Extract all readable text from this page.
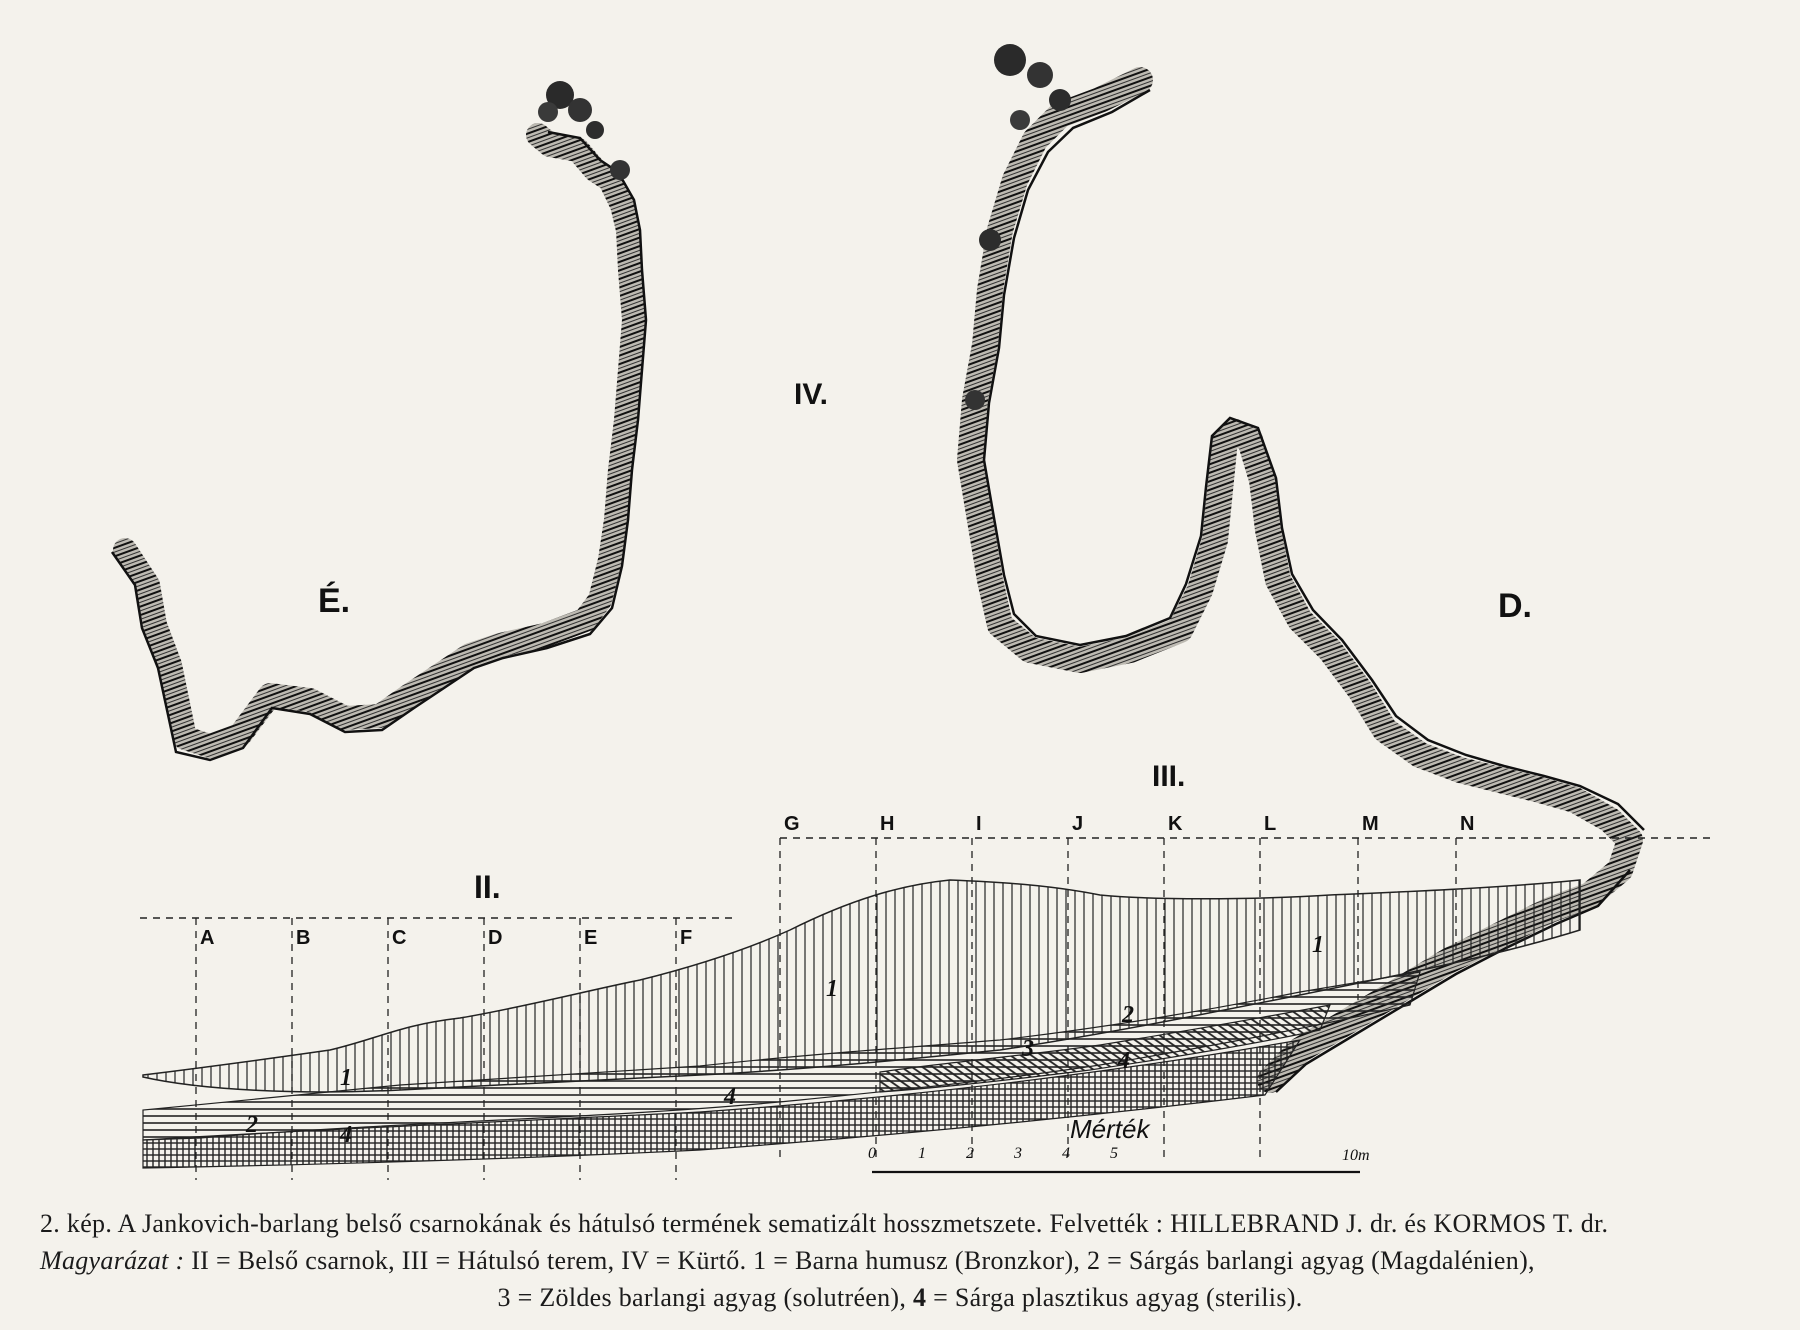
A	B	C	D	E	F
G	H	I	J	K	L	M	N
É.	D.
IV.
II.
III.
1
2	4
4
1
2
3	4
1
Mérték
0	1	2	3	4	5	10m
2. kép. A Jankovich-barlang belső csarnokának és hátulsó termének sematizált hosszmetszete. Felvették : HILLEBRAND J. dr. és KORMOS T. dr.
Magyarázat : II = Belső csarnok, III = Hátulsó terem, IV = Kürtő. 1 = Barna humusz (Bronzkor), 2 = Sárgás barlangi agyag (Magdalénien),
3 = Zöldes barlangi agyag (solutréen), 4 = Sárga plasztikus agyag (sterilis).
